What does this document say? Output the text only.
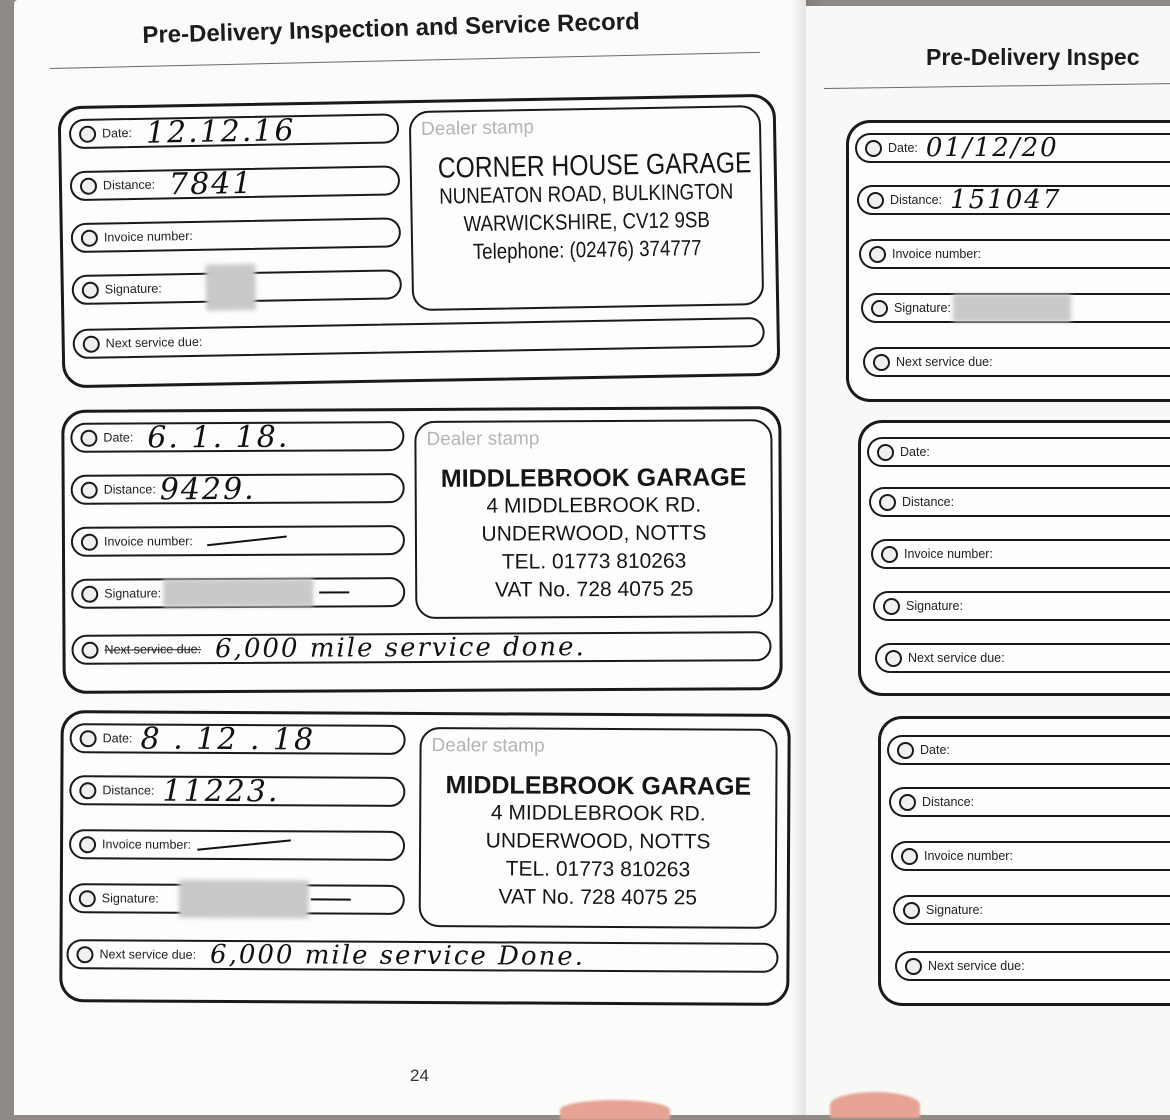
Pre-Delivery Inspection and Service Record
Date: 12.12.16
Distance: 7841
Invoice number:
Signature:
Next service due:
Dealer stamp
CORNER HOUSE GARAGE
NUNEATON ROAD, BULKINGTON
WARWICKSHIRE, CV12 9SB
Telephone: (02476) 374777
Date: 6. 1. 18.
Distance: 9429.
Invoice number:
Signature:
Next service due: 6,000 mile service done.
Dealer stamp
MIDDLEBROOK GARAGE
4 MIDDLEBROOK RD.
UNDERWOOD, NOTTS
TEL. 01773 810263
VAT No. 728 4075 25
Date: 8 . 12 . 18
Distance: 11223.
Invoice number:
Signature:
Next service due: 6,000 mile service Done.
Dealer stamp
MIDDLEBROOK GARAGE
4 MIDDLEBROOK RD.
UNDERWOOD, NOTTS
TEL. 01773 810263
VAT No. 728 4075 25
24
Pre-Delivery Inspec
Date: 01/12/20
Distance: 151047
Invoice number:
Signature:
Next service due:
Date:
Distance:
Invoice number:
Signature:
Next service due:
Date:
Distance:
Invoice number:
Signature:
Next service due:
